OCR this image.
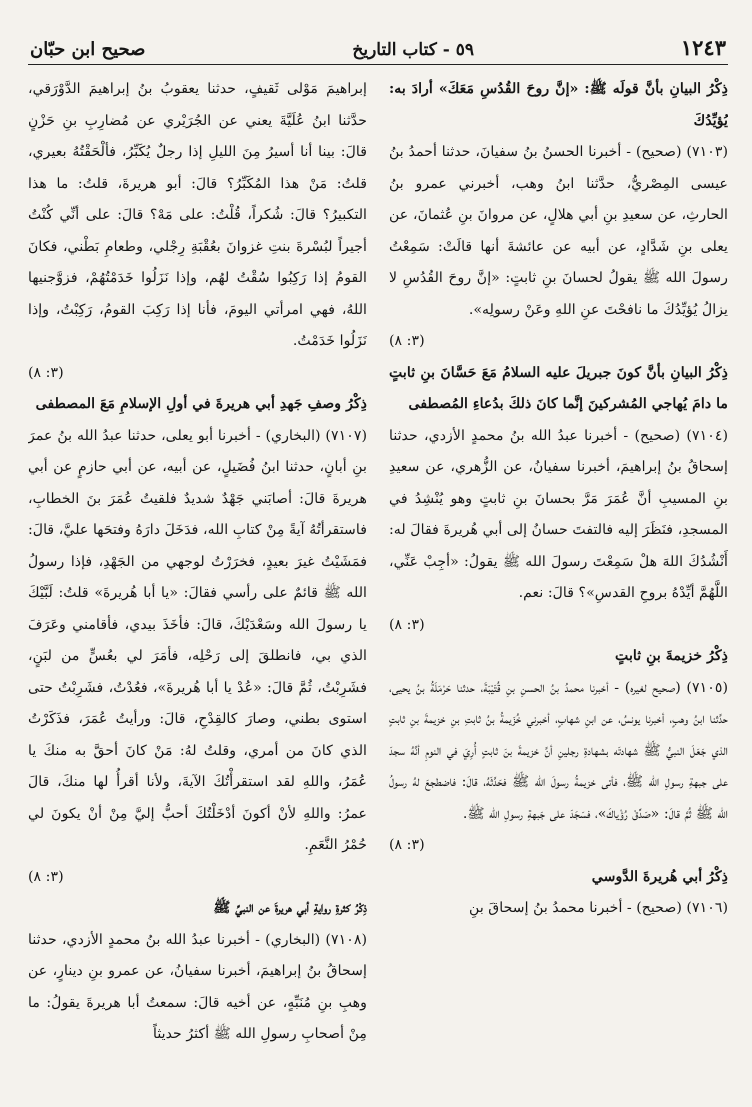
١٢٤٣
٥٩ - كتاب التاريخ
صحيح ابن حبّان

ذِكْرُ البيانِ بأنَّ قولَه ﷺ: «إنَّ روحَ القُدُسِ مَعَكَ» أرادَ به: يُؤيِّدُكَ

(٧١٠٣) (صحيح) - أخبرنا الحسنُ بنُ سفيانَ، حدثنا أحمدُ بنُ عيسى المِصْريُّ، حدَّثنا ابنُ وهب، أخبرني عمرو بنُ الحارثِ، عن سعيدِ بنِ أبي هلالٍ، عن مروانَ بنِ عُثمانَ، عن يعلى بنِ شَدَّادٍ، عن أبيه عن عائشةَ أنها قالَتْ: سَمِعْتُ رسولَ الله ﷺ يقولُ لحسانَ بنِ ثابتٍ: «إنَّ روحَ القُدُسِ لا يزالُ يُؤيِّدُكَ ما نافحْتَ عنِ اللهِ وعَنْ رسولِه».

(٣: ٨)

ذِكْرُ البيانِ بأنَّ كونَ جبريلَ عليه السلامُ مَعَ حَسَّانَ بنِ ثابتٍ ما دامَ يُهاجي المُشركينَ إنَّما كانَ ذلكَ بدُعاءِ المُصطفى

(٧١٠٤) (صحيح) - أخبرنا عبدُ الله بنُ محمدٍ الأزدي، حدثنا إسحاقُ بنُ إبراهيمَ، أخبرنا سفيانُ، عن الزُّهري، عن سعيدِ بنِ المسيبِ أنَّ عُمَرَ مَرَّ بحسانَ بنِ ثابتٍ وهو يُنْشِدُ في المسجدِ، فنَظَرَ إليه فالتفتَ حسانُ إلى أبي هُريرةَ فقالَ له: أَنْشُدُكَ اللهَ هلْ سَمِعْتَ رسولَ الله ﷺ يقولُ: «أجِبْ عَنِّي، اللَّهُمَّ أيِّدْهُ بروحِ القدسِ»؟ قالَ: نعم.

(٣: ٨)

ذِكْرُ خزيمةَ بنِ ثابتٍ

(٧١٠٥) (صحيح لغيره) - أخبرنا محمدُ بنُ الحسنِ بنِ قُتَيْبَةَ، حدثنا حَرْمَلَةُ بنُ يحيى، حدَّثنا ابنُ وهبٍ، أخبرنا يونسُ، عن ابنِ شهابٍ، أخبرني خُزَيمةُ بنُ ثابتِ بنِ خزيمةَ بنِ ثابتٍ الذي جَعَلَ النبيُّ ﷺ شهادتَه بشهادةِ رجلينِ أنَّ خزيمةَ بنَ ثابتٍ أُرِيَ في النومِ أنَّهُ سجدَ على جبهةِ رسولِ الله ﷺ، فأتى خزيمةُ رسولَ الله ﷺ فحَدَّثَهُ، قالَ: فاضطجعَ لهُ رسولُ الله ﷺ ثُمَّ قالَ: «صَدِّقْ رُؤْياكَ»، فسَجَدَ على جَبهةِ رسولِ الله ﷺ.

(٣: ٨)

ذِكْرُ أبي هُريرةَ الدَّوسي

(٧١٠٦) (صحيح) - أخبرنا محمدُ بنُ إسحاقَ بنِ

إبراهيمَ مَوْلى ثَقيفٍ، حدثنا يعقوبُ بنُ إبراهيمَ الدَّوْرَقي، حدَّثنا ابنُ عُلَيَّةَ يعني عن الجُرَيْري عن مُضارِبِ بنِ حَزْنٍ قالَ: بينا أنا أسيرُ مِنَ الليلِ إذا رجلٌ يُكَبِّرُ، فألْحَقْتُهُ بعيري، قلتُ: مَنْ هذا المُكَبِّرُ؟ قالَ: أبو هريرةَ، قلتُ: ما هذا التكبيرُ؟ قالَ: شُكراً، قُلْتُ: على مَهْ؟ قالَ: على أنِّي كُنْتُ أجيراً لبُسْرةَ بنتِ غزوانَ بعُقْبَةِ رِجْلي، وطعامِ بَطْني، فكانَ القومُ إذا رَكِبُوا سُقْتُ لهُم، وإذا نَزَلُوا خَدَمْتُهُمْ، فزوَّجنيها اللهُ، فهي امرأتي اليومَ، فأنا إذا رَكِبَ القومُ، رَكِبْتُ، وإذا نَزَلُوا خَدَمْتُ.

(٣: ٨)

ذِكْرُ وصفِ جَهدِ أبي هريرةَ في أولِ الإسلامِ مَعَ المصطفى

(٧١٠٧) (البخاري) - أخبرنا أبو يعلى، حدثنا عبدُ الله بنُ عمرَ بنِ أبانٍ، حدثنا ابنُ فُضَيلٍ، عن أبيه، عن أبي حازمٍ عن أبي هريرةَ قالَ: أصابَني جَهْدٌ شديدٌ فلقيتُ عُمَرَ بنَ الخطابِ، فاستقرأتُهُ آيةً مِنْ كتابِ الله، فدَخَلَ دارَهُ وفتحَها عليَّ، قالَ: فمَشَيْتُ غيرَ بعيدٍ، فخرَرْتُ لوجهي من الجَهْدِ، فإذا رسولُ الله ﷺ قائمٌ على رأسي فقالَ: «يا أبا هُريرةَ» قلتُ: لَبَّيْكَ يا رسولَ الله وسَعْدَيْكَ، قالَ: فأخَذَ بيدي، فأقامني وعَرَفَ الذي بي، فانطلقَ إلى رَحْلِه، فأمَرَ لي بعُسٍّ من لبَنٍ، فشَرِبْتُ، ثُمَّ قالَ: «عُدْ يا أبا هُريرةَ»، فعُدْتُ، فشَرِبْتُ حتى استوى بطني، وصارَ كالقِدْحِ، قالَ: ورأيتُ عُمَرَ، فذَكَرْتُ الذي كانَ من أمري، وقلتُ لهُ: مَنْ كانَ أحقَّ به منكَ يا عُمَرُ، واللهِ لقد استقرأْتُكَ الآيةَ، ولأنا أقرأُ لها منكَ، قالَ عمرُ: واللهِ لأنْ أكونَ أدْخَلْتُكَ أحبُّ إليَّ مِنْ أنْ يكونَ لي حُمْرُ النَّعَمِ.

(٣: ٨)

ذِكْرُ كثرةِ روايةِ أبي هريرةَ عن النبيِّ ﷺ

(٧١٠٨) (البخاري) - أخبرنا عبدُ الله بنُ محمدٍ الأزدي، حدثنا إسحاقُ بنُ إبراهيمَ، أخبرنا سفيانُ، عن عمرو بنِ دينارٍ، عن وهبِ بنِ مُنَبِّهٍ، عن أخيه قالَ: سمعتُ أبا هريرةَ يقولُ: ما مِنْ أصحابِ رسولِ الله ﷺ أكثرُ حديثاً
